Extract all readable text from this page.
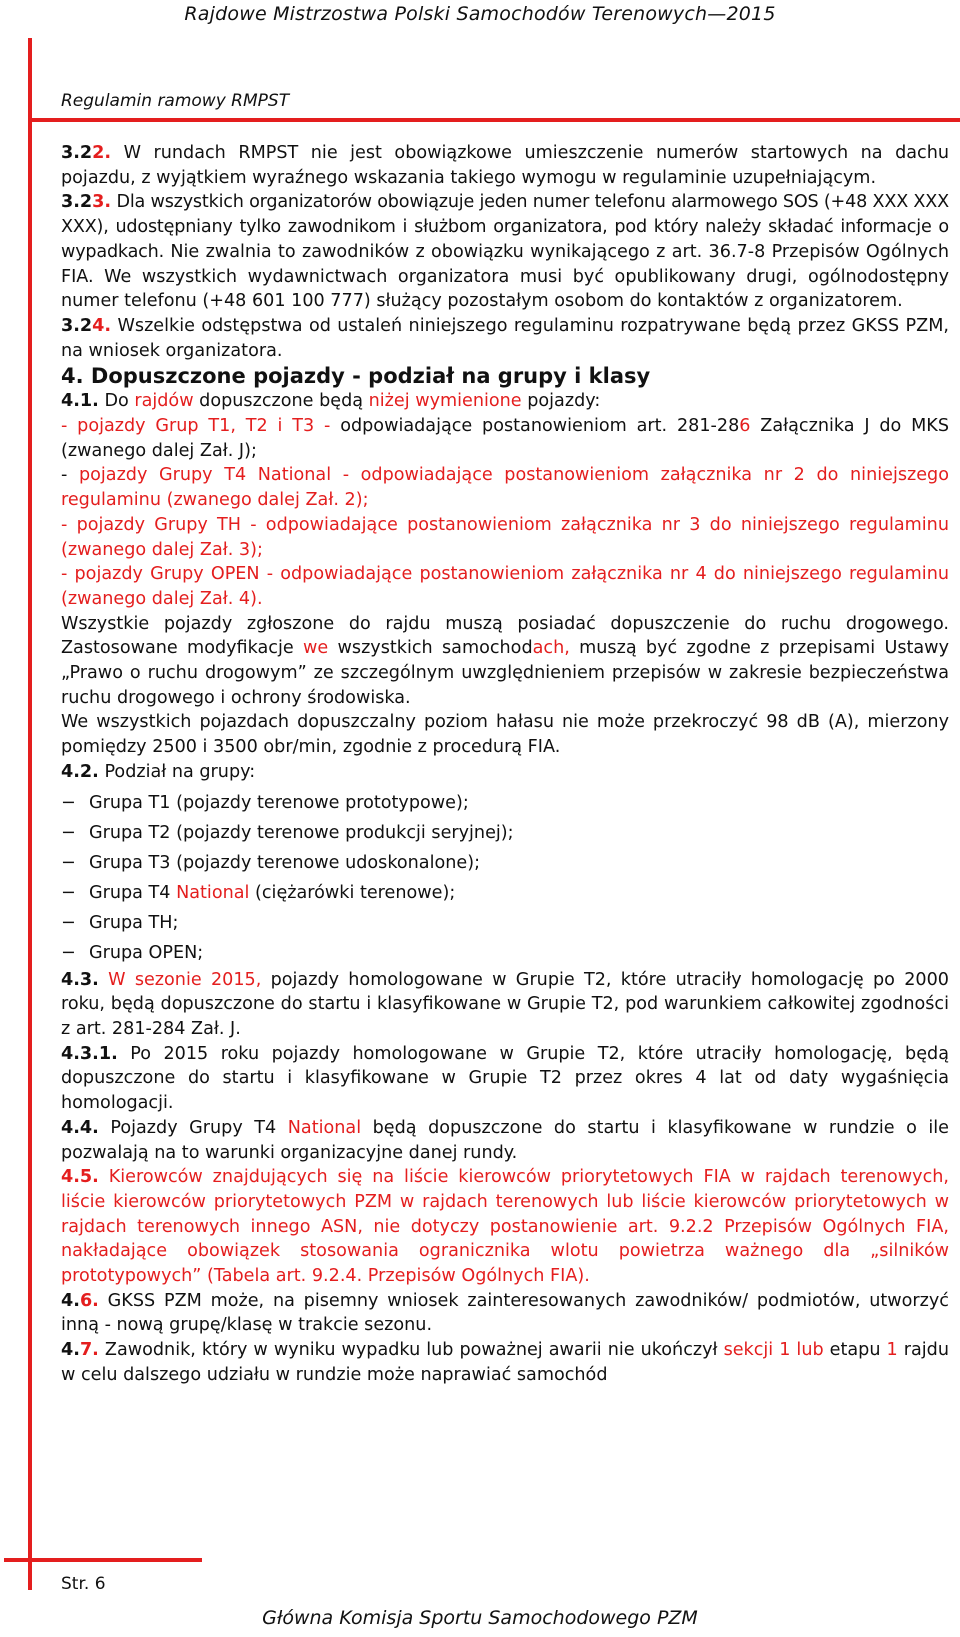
Rajdowe Mistrzostwa Polski Samochodów Terenowych—2015
Regulamin ramowy RMPST

3.22. W rundach RMPST nie jest obowiązkowe umieszczenie numerów startowych na dachu pojazdu, z wyjątkiem wyraźnego wskazania takiego wymogu w regulaminie uzupełniającym.

3.23. Dla wszystkich organizatorów obowiązuje jeden numer telefonu alarmowego SOS (+48 XXX XXX XXX), udostępniany tylko zawodnikom i służbom organizatora, pod który należy składać informacje o wypadkach. Nie zwalnia to zawodników z obowiązku wynikającego z art. 36.7-8 Przepisów Ogólnych FIA. We wszystkich wydawnictwach organizatora musi być opublikowany drugi, ogólnodostępny numer telefonu (+48 601 100 777) służący pozostałym osobom do kontaktów z organizatorem.

3.24. Wszelkie odstępstwa od ustaleń niniejszego regulaminu rozpatrywane będą przez GKSS PZM, na wniosek organizatora.

4. Dopuszczone pojazdy - podział na grupy i klasy

4.1. Do rajdów dopuszczone będą niżej wymienione pojazdy:

- pojazdy Grup T1, T2 i T3 - odpowiadające postanowieniom art. 281-286 Załącznika J do MKS (zwanego dalej Zał. J);

- pojazdy Grupy T4 National - odpowiadające postanowieniom załącznika nr 2 do niniejszego regulaminu (zwanego dalej Zał. 2);

- pojazdy Grupy TH - odpowiadające postanowieniom załącznika nr 3 do niniejszego regulaminu (zwanego dalej Zał. 3);

- pojazdy Grupy OPEN - odpowiadające postanowieniom załącznika nr 4 do niniejszego regulaminu (zwanego dalej Zał. 4).

Wszystkie pojazdy zgłoszone do rajdu muszą posiadać dopuszczenie do ruchu drogowego. Zastosowane modyfikacje we wszystkich samochodach, muszą być zgodne z przepisami Ustawy „Prawo o ruchu drogowym” ze szczególnym uwzględnieniem przepisów w zakresie bezpieczeństwa ruchu drogowego i ochrony środowiska.

We wszystkich pojazdach dopuszczalny poziom hałasu nie może przekroczyć 98 dB (A), mierzony pomiędzy 2500 i 3500 obr/min, zgodnie z procedurą FIA.

4.2. Podział na grupy:

− Grupa T1 (pojazdy terenowe prototypowe);
− Grupa T2 (pojazdy terenowe produkcji seryjnej);
− Grupa T3 (pojazdy terenowe udoskonalone);
− Grupa T4 National (ciężarówki terenowe);
− Grupa TH;
− Grupa OPEN;

4.3. W sezonie 2015, pojazdy homologowane w Grupie T2, które utraciły homologację po 2000 roku, będą dopuszczone do startu i klasyfikowane w Grupie T2, pod warunkiem całkowitej zgodności z art. 281-284 Zał. J.

4.3.1. Po 2015 roku pojazdy homologowane w Grupie T2, które utraciły homologację, będą dopuszczone do startu i klasyfikowane w Grupie T2 przez okres 4 lat od daty wygaśnięcia homologacji.

4.4. Pojazdy Grupy T4 National będą dopuszczone do startu i klasyfikowane w rundzie o ile pozwalają na to warunki organizacyjne danej rundy.

4.5. Kierowców znajdujących się na liście kierowców priorytetowych FIA w rajdach terenowych, liście kierowców priorytetowych PZM w rajdach terenowych lub liście kierowców priorytetowych w rajdach terenowych innego ASN, nie dotyczy postanowienie art. 9.2.2 Przepisów Ogólnych FIA, nakładające obowiązek stosowania ogranicznika wlotu powietrza ważnego dla „silników prototypowych” (Tabela art. 9.2.4. Przepisów Ogólnych FIA).

4.6. GKSS PZM może, na pisemny wniosek zainteresowanych zawodników/ podmiotów, utworzyć inną - nową grupę/klasę w trakcie sezonu.

4.7. Zawodnik, który w wyniku wypadku lub poważnej awarii nie ukończył sekcji 1 lub etapu 1 rajdu w celu dalszego udziału w rundzie może naprawiać samochód

Str. 6
Główna Komisja Sportu Samochodowego PZM
